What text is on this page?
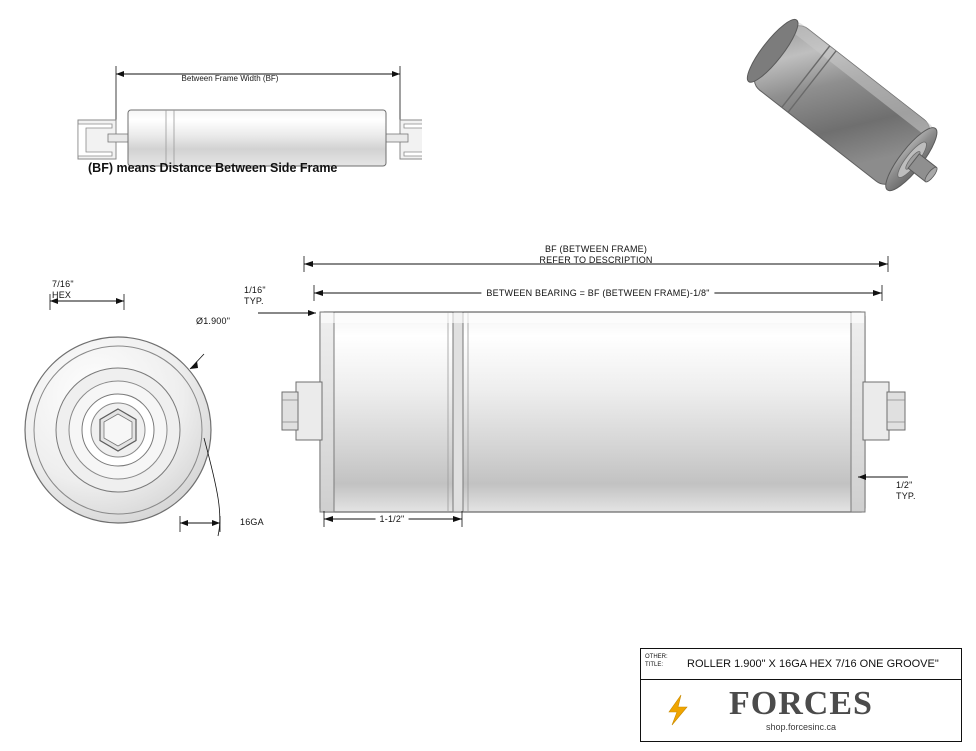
Between Frame Width (BF)
(BF) means Distance Between Side Frame
7/16"
HEX
Ø1.900"
16GA
BF (BETWEEN FRAME)
REFER TO DESCRIPTION
BETWEEN BEARING = BF (BETWEEN FRAME)-1/8"
1/16"
TYP.
1/2"
TYP.
1-1/2"
OTHER:
TITLE:	ROLLER 1.900" X 16GA HEX 7/16 ONE GROOVE"
FORCES
shop.forcesinc.ca
